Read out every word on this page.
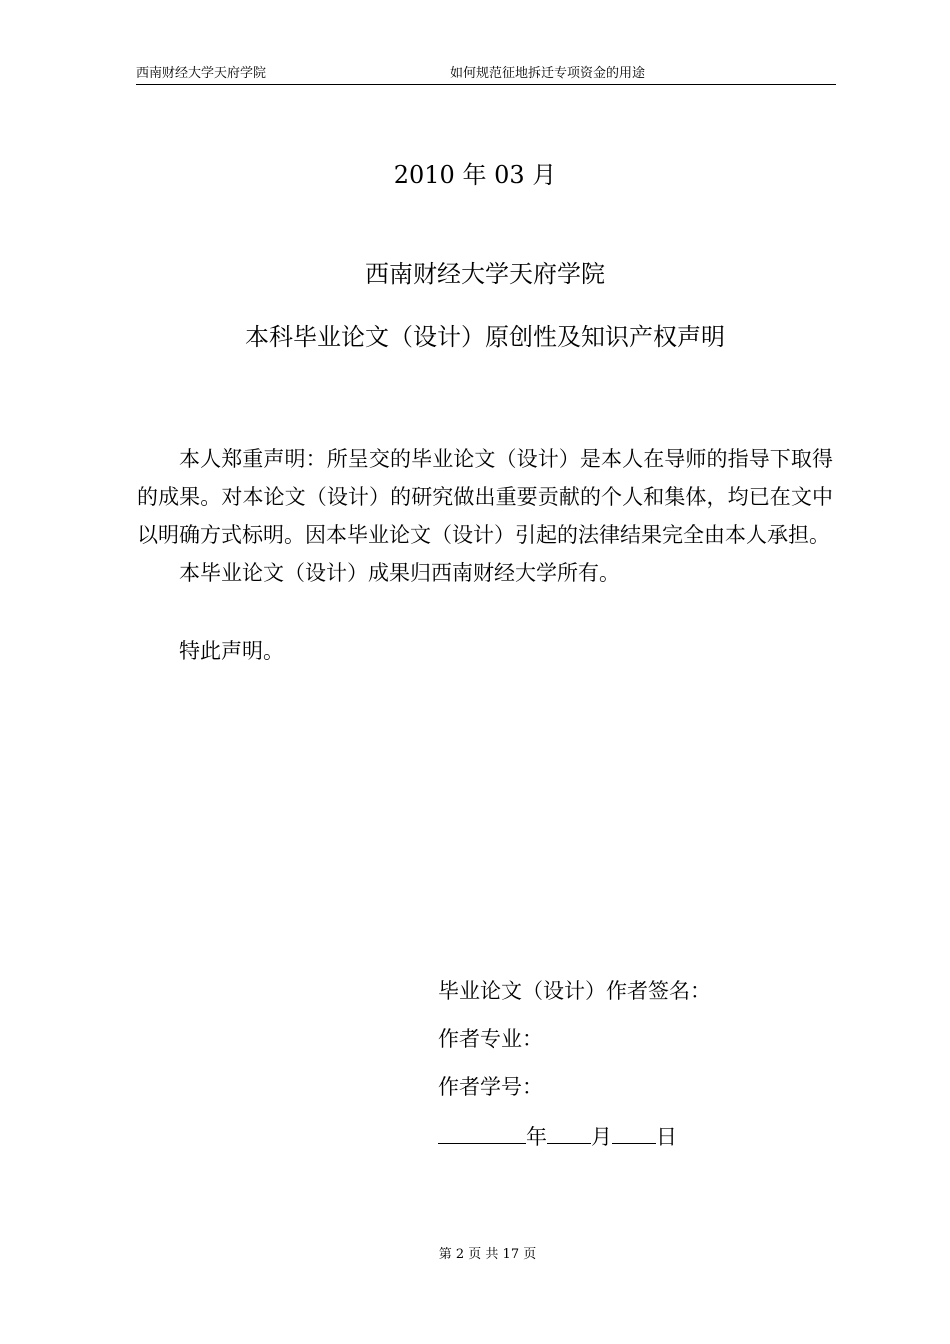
西南财经大学天府学院	如何规范征地拆迁专项资金的用途
2010 年 03 月
西南财经大学天府学院
本科毕业论文（设计）原创性及知识产权声明

本人郑重声明：所呈交的毕业论文（设计）是本人在导师的指导下取得的成果。对本论文（设计）的研究做出重要贡献的个人和集体，均已在文中以明确方式标明。因本毕业论文（设计）引起的法律结果完全由本人承担。

本毕业论文（设计）成果归西南财经大学所有。

特此声明。

毕业论文（设计）作者签名：
作者专业：
作者学号：
年 月 日
第 2 页 共 17 页
